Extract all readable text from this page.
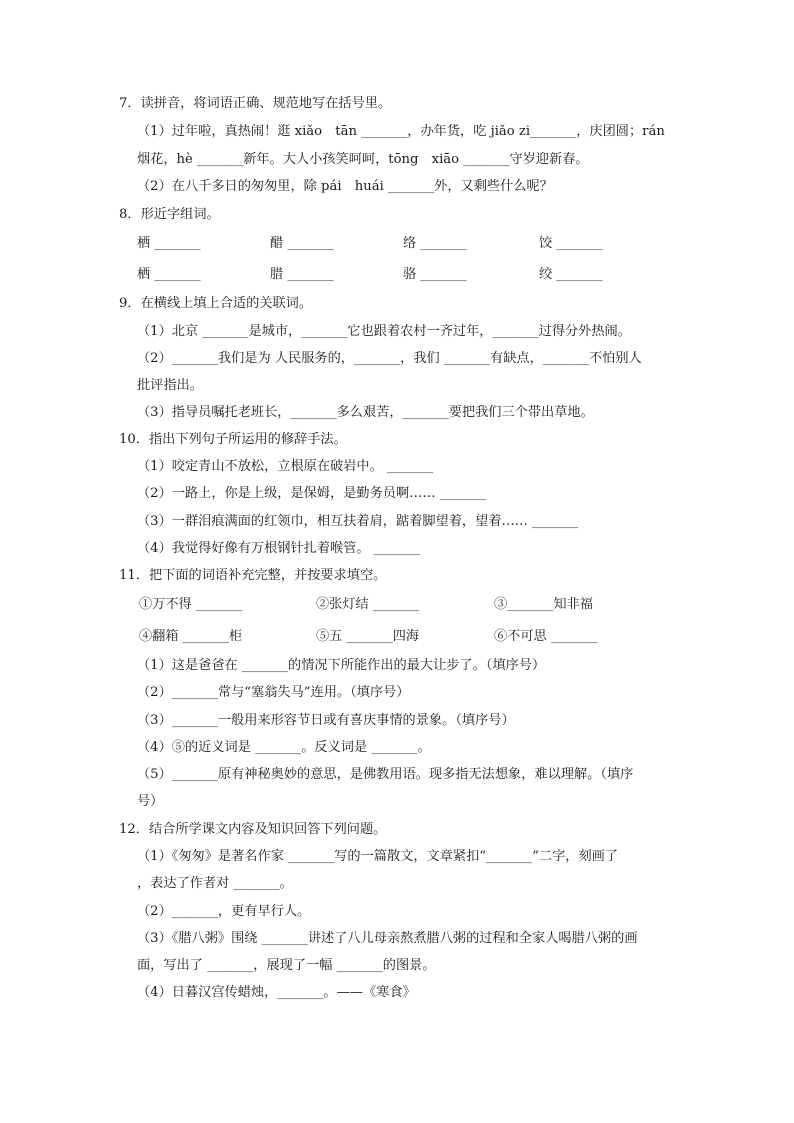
7．读拼音，将词语正确、规范地写在括号里。
（1）过年啦，真热闹！逛 xiǎo　tān _______，办年货，吃 jiǎo zi_______，庆团圆；rán
烟花，hè _______新年。大人小孩笑呵呵，tōng　xiāo _______守岁迎新春。
（2）在八千多日的匆匆里，除 pái　huái _______外，又剩些什么呢？
8．形近字组词。
栖 _______	醋 _______	络 _______	饺 _______
栖 _______	腊 _______	骆 _______	绞 _______
9．在横线上填上合适的关联词。
（1）北京 _______是城市，_______它也跟着农村一齐过年，_______过得分外热闹。
（2）_______我们是为 人民服务的，_______，我们 _______有缺点，_______不怕别人
批评指出。
（3）指导员嘱托老班长，_______多么艰苦，_______要把我们三个带出草地。
10．指出下列句子所运用的修辞手法。
（1）咬定青山不放松，立根原在破岩中。 _______
（2）一路上，你是上级，是保姆，是勤务员啊…… _______
（3）一群泪痕满面的红领巾，相互扶着肩，踮着脚望着，望着…… _______
（4）我觉得好像有万根钢针扎着喉管。 _______
11．把下面的词语补充完整，并按要求填空。
①万不得 _______	②张灯结 _______	③_______知非福
④翻箱 _______柜	⑤五 _______四海	⑥不可思 _______
（1）这是爸爸在 _______的情况下所能作出的最大让步了。（填序号）
（2）_______常与“塞翁失马”连用。（填序号）
（3）_______一般用来形容节日或有喜庆事情的景象。（填序号）
（4）⑤的近义词是 _______。反义词是 _______。
（5）_______原有神秘奥妙的意思，是佛教用语。现多指无法想象，难以理解。（填序
号）
12．结合所学课文内容及知识回答下列问题。
（1）《匆匆》是著名作家 _______写的一篇散文，文章紧扣“_______”二字，刻画了
，表达了作者对 _______。
（2）_______，更有早行人。
（3）《腊八粥》围绕 _______讲述了八儿母亲熬煮腊八粥的过程和全家人喝腊八粥的画
面，写出了 _______，展现了一幅 _______的图景。
（4）日暮汉宫传蜡烛，_______。——《寒食》
